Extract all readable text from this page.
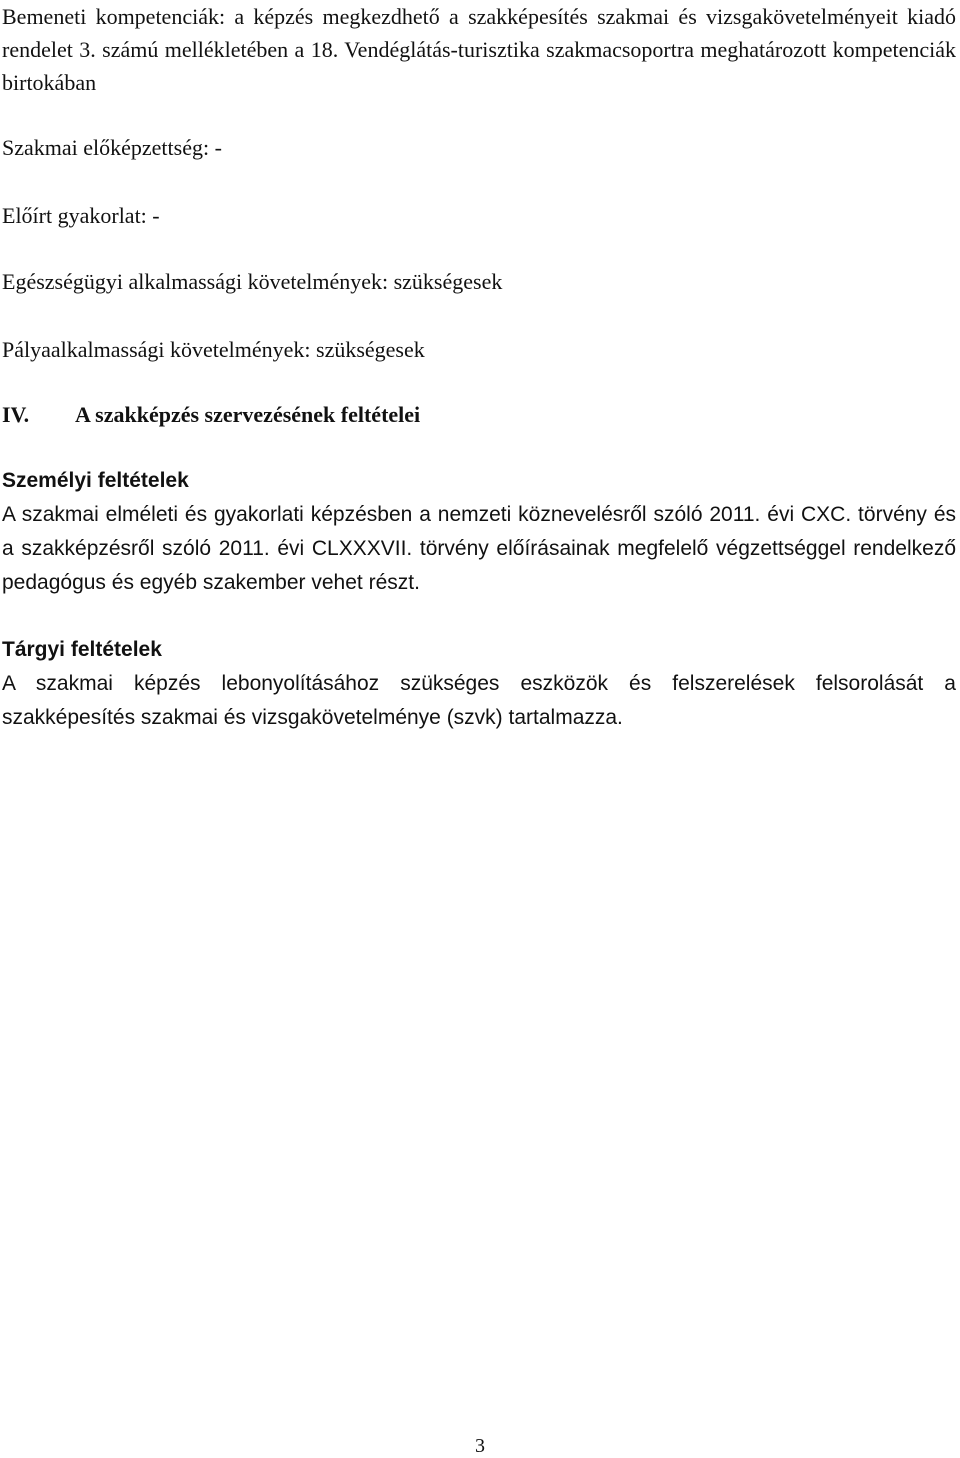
Bemeneti kompetenciák: a képzés megkezdhető a szakképesítés szakmai és vizsgakövetelményeit kiadó rendelet 3. számú mellékletében a 18. Vendéglátás-turisztika szakmacsoportra meghatározott kompetenciák birtokában

Szakmai előképzettség: -

Előírt gyakorlat: -

Egészségügyi alkalmassági követelmények: szükségesek

Pályaalkalmassági követelmények: szükségesek

IV. A szakképzés szervezésének feltételei
Személyi feltételek

A szakmai elméleti és gyakorlati képzésben a nemzeti köznevelésről szóló 2011. évi CXC. törvény és a szakképzésről szóló 2011. évi CLXXXVII. törvény előírásainak megfelelő végzettséggel rendelkező pedagógus és egyéb szakember vehet részt.

Tárgyi feltételek

A szakmai képzés lebonyolításához szükséges eszközök és felszerelések felsorolását a szakképesítés szakmai és vizsgakövetelménye (szvk) tartalmazza.

3
